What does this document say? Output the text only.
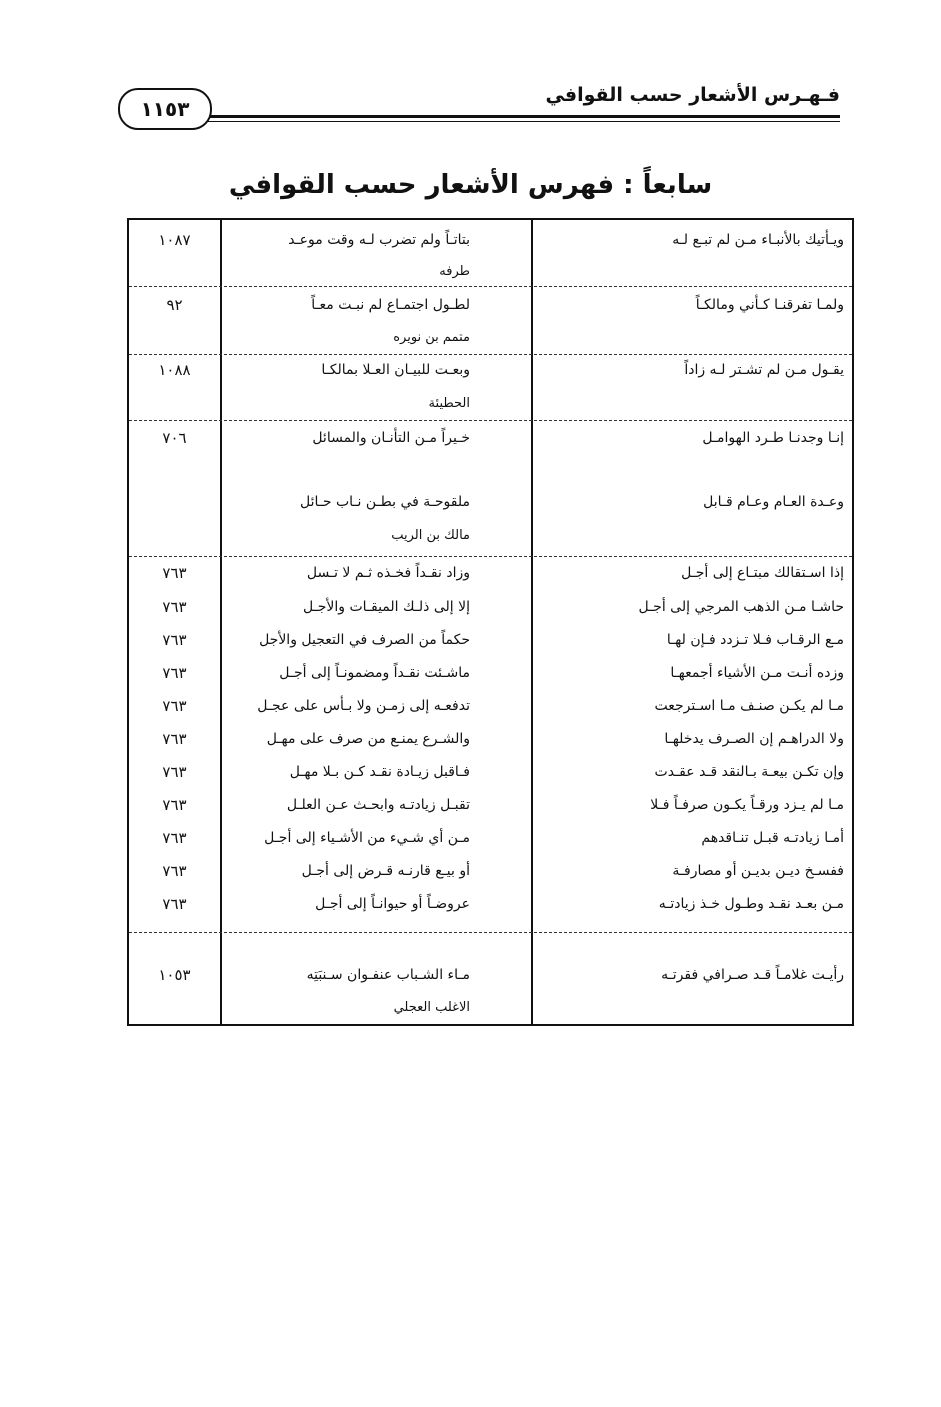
فـهـرس الأشعار حسب القوافي
١١٥٣
سابعاً : فهرس الأشعار حسب القوافي
ويـأتيك بالأنبـاء مـن لم تبـع لـه
بتاتـاً ولم تضرب لـه وقت موعـد
١٠٨٧
طرفه
ولمـا تفرقنـا كـأني ومالكـاً
لطـول اجتمـاع لم نبـت معـاً
٩٢
متمم بن نويره
يقـول مـن لم تشـتر لـه زاداً
وبعـت للبيـان العـلا بمالكـا
١٠٨٨
الحطيئة
إنـا وجدنـا طـرد الهوامـل
خـيراً مـن التأنـان والمسائل
٧٠٦
وعـدة العـام وعـام قـابل
ملقوحـة في بطـن نـاب حـائل
مالك بن الريب
إذا اسـتقالك مبتـاع إلى أجـل
وزاد نقـداً فخـذه ثـم لا تـسل
٧٦٣
حاشـا مـن الذهب المرجي إلى أجـل
إلا إلى ذلـك الميقـات والأجـل
٧٦٣
مـع الرقـاب فـلا تـزدد فـإن لهـا
حكماً من الصرف في التعجيل والأجل
٧٦٣
وزده أنـت مـن الأشياء أجمعهـا
ماشـئت نقـداً ومضمونـاً إلى أجـل
٧٦٣
مـا لم يكـن صنـف مـا اسـترجعت
تدفعـه إلى زمـن ولا بـأس على عجـل
٧٦٣
ولا الدراهـم إن الصـرف يدخلهـا
والشـرع يمنـع من صرف على مهـل
٧٦٣
وإن تكـن بيعـة بـالنقد قـد عقـدت
فـاقبل زيـادة نقـد كـن بـلا مهـل
٧٦٣
مـا لم يـزد ورقـاً يكـون صرفـاً فـلا
تقبـل زيادتـه وابحـث عـن العلـل
٧٦٣
أمـا زيادتـه قبـل تنـاقدهم
مـن أي شـيء من الأشـياء إلى أجـل
٧٦٣
ففسـخ ديـن بديـن أو مصارفـة
أو بيـع قارنـه قـرض إلى أجـل
٧٦٣
مـن بعـد نقـد وطـول خـذ زيادتـه
عروضـاً أو حيوانـاً إلى أجـل
٧٦٣
رأيـت غلامـاً قـد صـرافي فقرتـه
مـاء الشـباب عنفـوان سـنبَتِه
١٠٥٣
الاغلب العجلي
